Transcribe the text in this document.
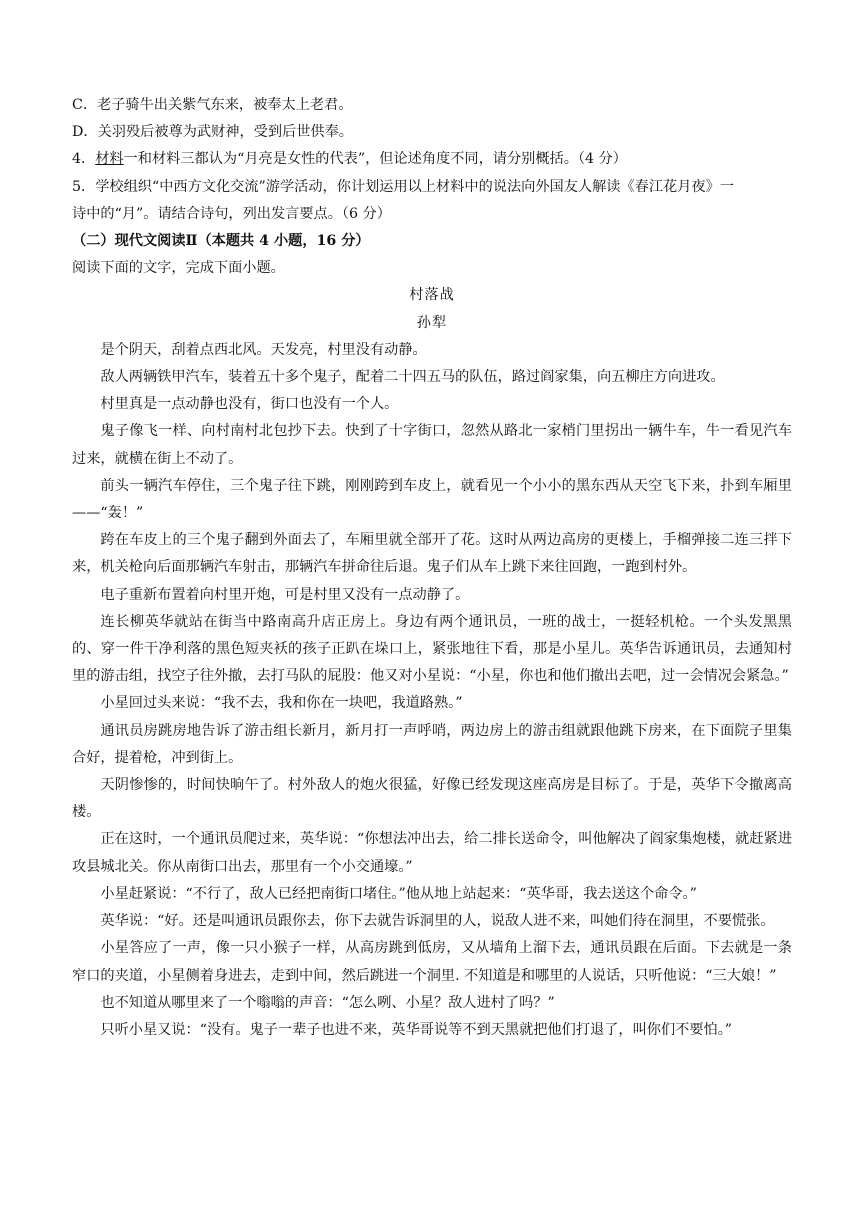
C．老子骑牛出关紫气东来，被奉太上老君。
D．关羽殁后被尊为武财神，受到后世供奉。
4．材料一和材料三都认为“月亮是女性的代表”，但论述角度不同，请分别概括。（4 分）
5．学校组织“中西方文化交流”游学活动，你计划运用以上材料中的说法向外国友人解读《春江花月夜》一
诗中的“月”。请结合诗句，列出发言要点。（6 分）
（二）现代文阅读Ⅱ（本题共 4 小题，16 分）
阅读下面的文字，完成下面小题。
村落战
孙犁

是个阴天，刮着点西北风。天发亮，村里没有动静。

敌人两辆铁甲汽车，装着五十多个鬼子，配着二十四五马的队伍，路过阎家集，向五柳庄方向进攻。

村里真是一点动静也没有，街口也没有一个人。

鬼子像飞一样、向村南村北包抄下去。快到了十字街口，忽然从路北一家梢门里拐出一辆牛车，牛一看见汽车过来，就横在街上不动了。

前头一辆汽车停住，三个鬼子往下跳，刚刚跨到车皮上，就看见一个小小的黑东西从天空飞下来，扑到车厢里——“轰！”

跨在车皮上的三个鬼子翻到外面去了，车厢里就全部开了花。这时从两边高房的更楼上，手榴弹接二连三拌下来，机关枪向后面那辆汽车射击，那辆汽车拼命往后退。鬼子们从车上跳下来往回跑，一跑到村外。

电子重新布置着向村里开炮，可是村里又没有一点动静了。

连长柳英华就站在街当中路南高升店正房上。身边有两个通讯员，一班的战士，一挺轻机枪。一个头发黑黑的、穿一件干净利落的黑色短夹袄的孩子正趴在垛口上，紧张地往下看，那是小星儿。英华告诉通讯员，去通知村里的游击组，找空子往外撤，去打马队的屁股：他又对小星说：“小星，你也和他们撤出去吧，过一会情况会紧急。”

小星回过头来说：“我不去，我和你在一块吧，我道路熟。”

通讯员房跳房地告诉了游击组长新月，新月打一声呼哨，两边房上的游击组就跟他跳下房来，在下面院子里集合好，提着枪，冲到街上。

天阴惨惨的，时间快晌午了。村外敌人的炮火很猛，好像已经发现这座高房是目标了。于是，英华下令撤离高楼。

正在这时，一个通讯员爬过来，英华说：“你想法冲出去，给二排长送命令，叫他解决了阎家集炮楼，就赶紧进攻县城北关。你从南街口出去，那里有一个小交通壕。”

小星赶紧说：“不行了，敌人已经把南街口堵住。”他从地上站起来：“英华哥，我去送这个命令。”

英华说：“好。还是叫通讯员跟你去，你下去就告诉洞里的人，说敌人进不来，叫她们待在洞里，不要慌张。

小星答应了一声，像一只小猴子一样，从高房跳到低房，又从墙角上溜下去，通讯员跟在后面。下去就是一条窄口的夹道，小星侧着身进去，走到中间，然后跳进一个洞里. 不知道是和哪里的人说话，只听他说：“三大娘！”

也不知道从哪里来了一个嗡嗡的声音：“怎么咧、小星？敌人进村了吗？”

只听小星又说：“没有。鬼子一辈子也进不来，英华哥说等不到天黑就把他们打退了，叫你们不要怕。”
